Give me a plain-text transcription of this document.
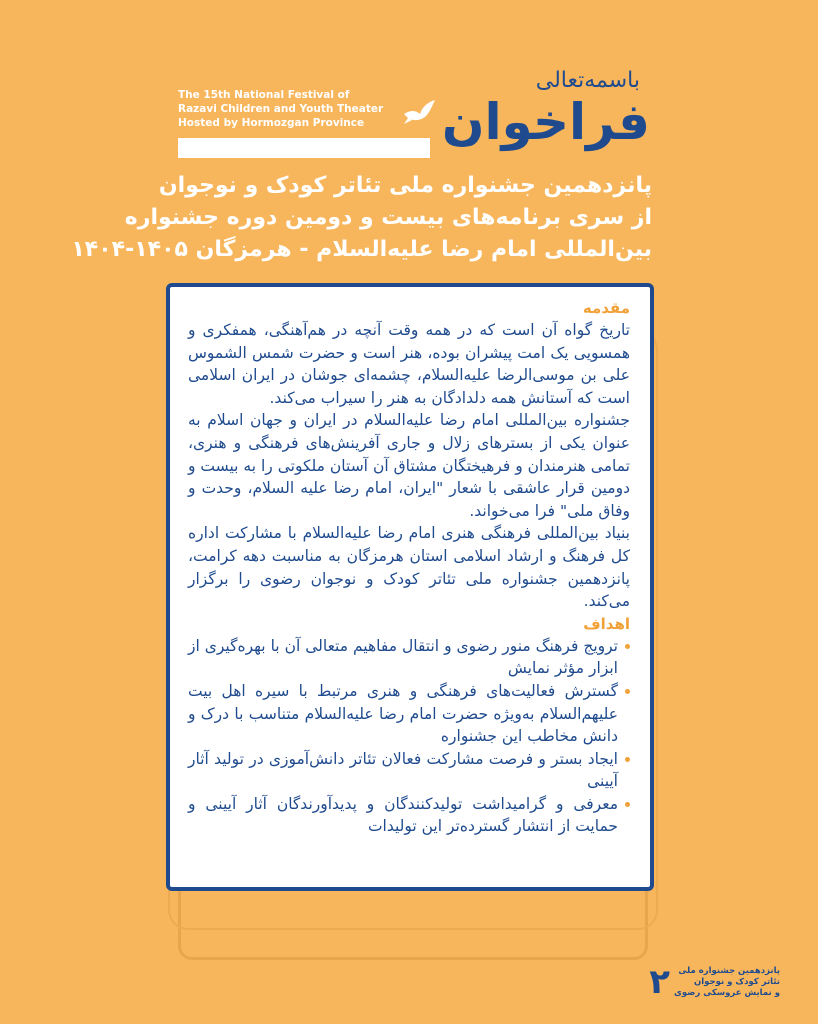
The 15th National Festival of
Razavi Children and Youth Theater
Hosted by Hormozgan Province
باسمه‌تعالی
فراخوان
پانزدهمین جشنواره ملی تئاتر کودک و نوجوان
از سری برنامه‌های بیست و دومین دوره جشنواره
بین‌المللی امام رضا علیه‌السلام - هرمزگان ۱۴۰۵-۱۴۰۴
مقدمه

تاریخ گواه آن است که در همه وقت آنچه در هم‌آهنگی، همفکری و همسویی یک امت پیشران بوده، هنر است و حضرت شمس الشموس علی بن موسی‌الرضا علیه‌السلام، چشمه‌ای جوشان در ایران اسلامی است که آستانش همه دلدادگان به هنر را سیراب می‌کند.

جشنواره بین‌المللی امام رضا علیه‌السلام در ایران و جهان اسلام به عنوان یکی از بسترهای زلال و جاری آفرینش‌های فرهنگی و هنری، تمامی هنرمندان و فرهیختگان مشتاق آن آستان ملکوتی را به بیست و دومین قرار عاشقی با شعار "ایران، امام رضا علیه السلام، وحدت و وفاق ملی" فرا می‌خواند.

بنیاد بین‌المللی فرهنگی هنری امام رضا علیه‌السلام با مشارکت اداره کل فرهنگ و ارشاد اسلامی استان هرمزگان به مناسبت دهه کرامت، پانزدهمین جشنواره ملی تئاتر کودک و نوجوان رضوی را برگزار می‌کند.

اهداف
ترویج فرهنگ منور رضوی و انتقال مفاهیم متعالی آن با بهره‌گیری از ابزار مؤثر نمایش
گسترش فعالیت‌های فرهنگی و هنری مرتبط با سیره اهل بیت علیهم‌السلام به‌ویژه حضرت امام رضا علیه‌السلام متناسب با درک و دانش مخاطب این جشنواره
ایجاد بستر و فرصت مشارکت فعالان تئاتر دانش‌آموزی در تولید آثار آیینی
معرفی و گرامیداشت تولیدکنندگان و پدیدآورندگان آثار آیینی و حمایت از انتشار گسترده‌تر این تولیدات
۲ پانزدهمین جشنواره ملی
تئاتر کودک و نوجوان
و نمایش عروسکی رضوی
